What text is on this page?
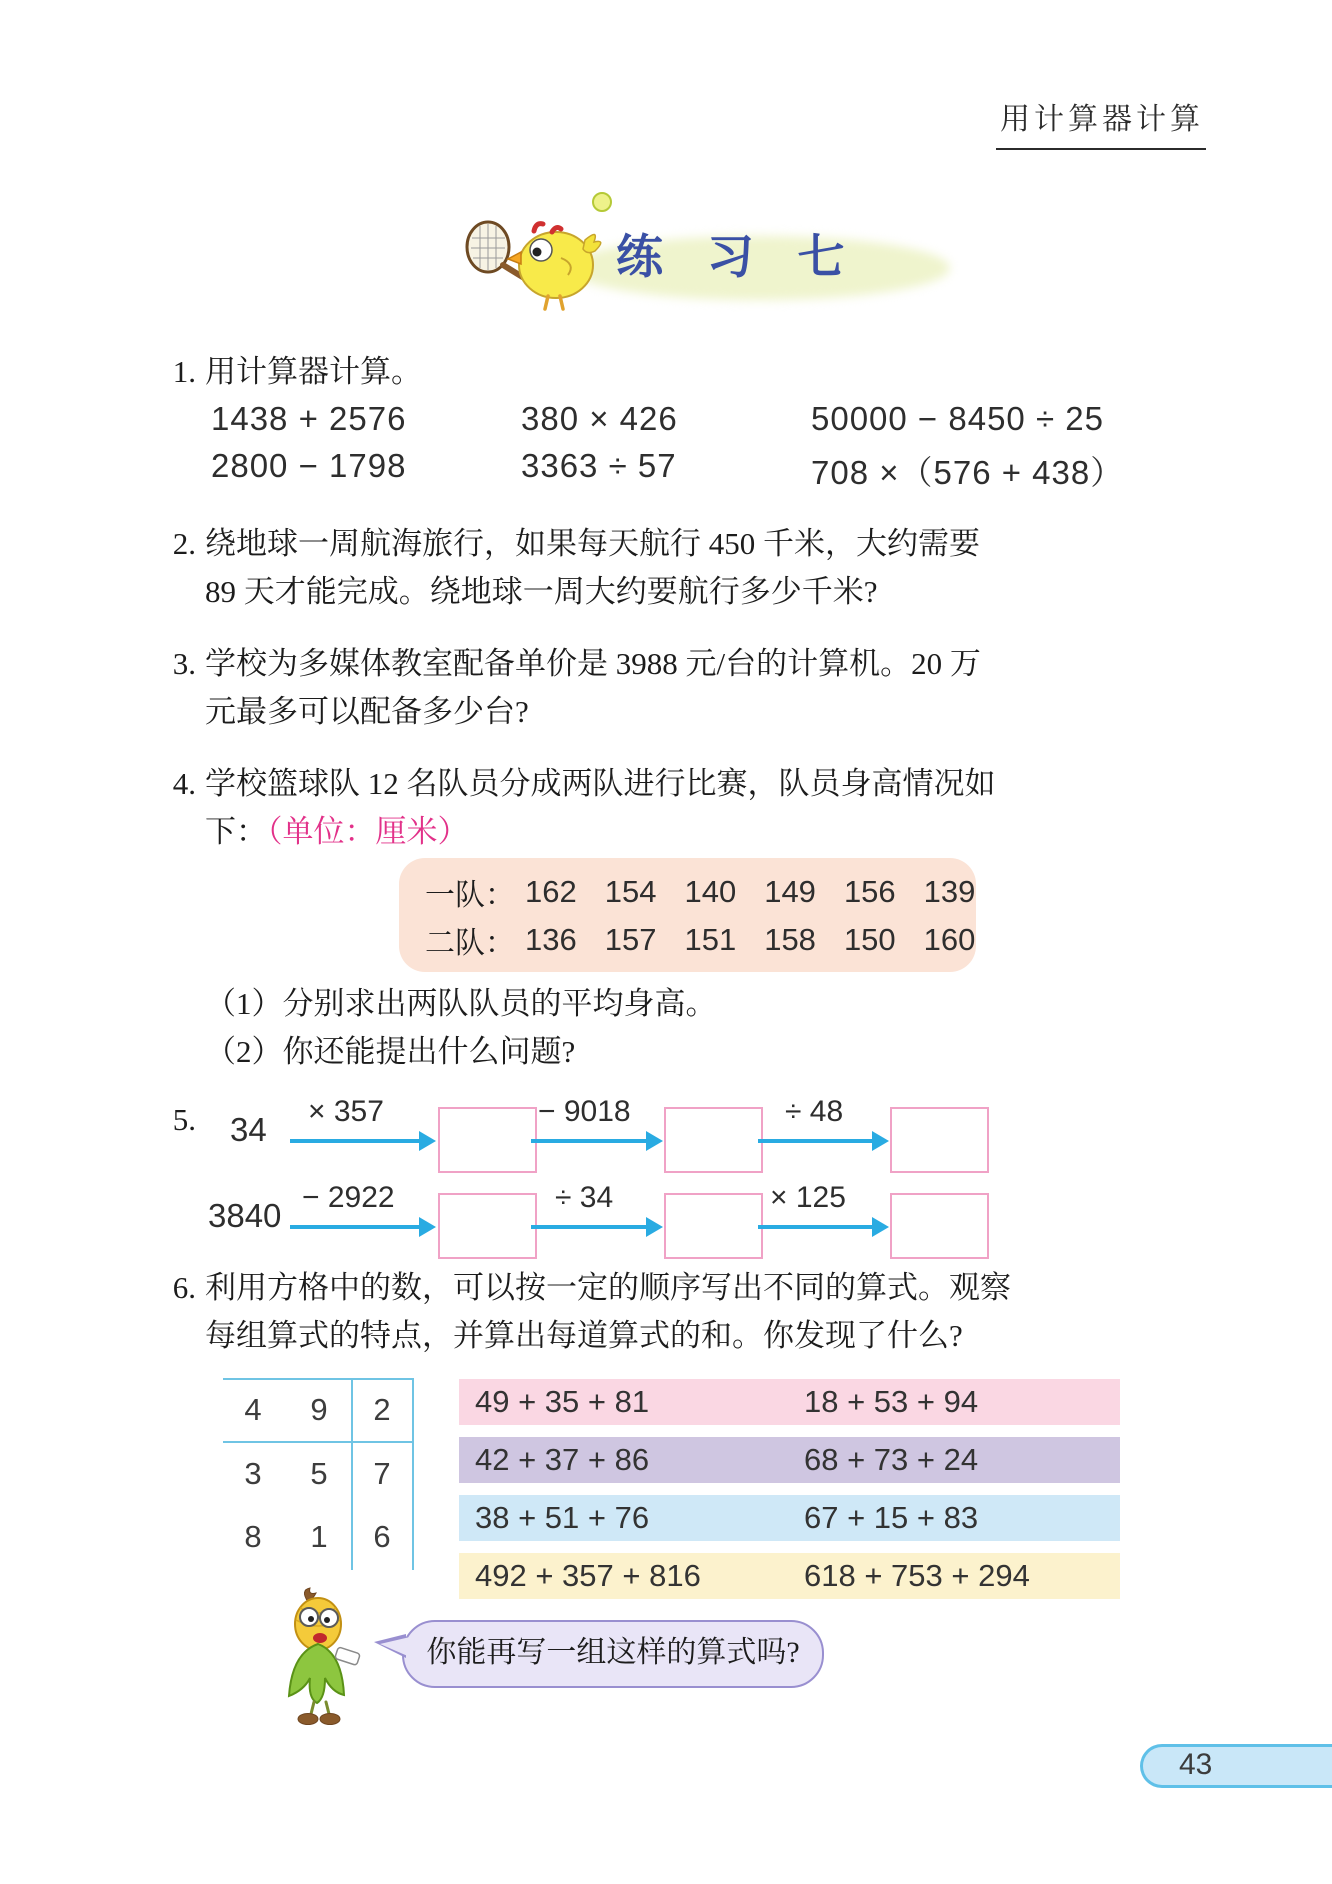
用计算器计算
练 习 七
1. 用计算器计算。
1438 + 2576	380 × 426	50000 − 8450 ÷ 25
2800 − 1798	3363 ÷ 57	708 ×（576 + 438）
2. 绕地球一周航海旅行，如果每天航行 450 千米，大约需要
89 天才能完成。绕地球一周大约要航行多少千米?
3. 学校为多媒体教室配备单价是 3988 元/台的计算机。20 万
元最多可以配备多少台?
4. 学校篮球队 12 名队员分成两队进行比赛，队员身高情况如
下：（单位：厘米）
一队： 162 154 140 149 156 139
二队： 136 157 151 158 150 160
（1）分别求出两队队员的平均身高。
（2）你还能提出什么问题?
5. 34 × 357	− 9018	÷ 48
3840 − 2922	÷ 34	× 125
6. 利用方格中的数，可以按一定的顺序写出不同的算式。观察
每组算式的特点，并算出每道算式的和。你发现了什么?
4	9	2
3	5	7
8	1	6
49 + 35 + 81	18 + 53 + 94
42 + 37 + 86	68 + 73 + 24
38 + 51 + 76	67 + 15 + 83
492 + 357 + 816	618 + 753 + 294
你能再写一组这样的算式吗?
43
